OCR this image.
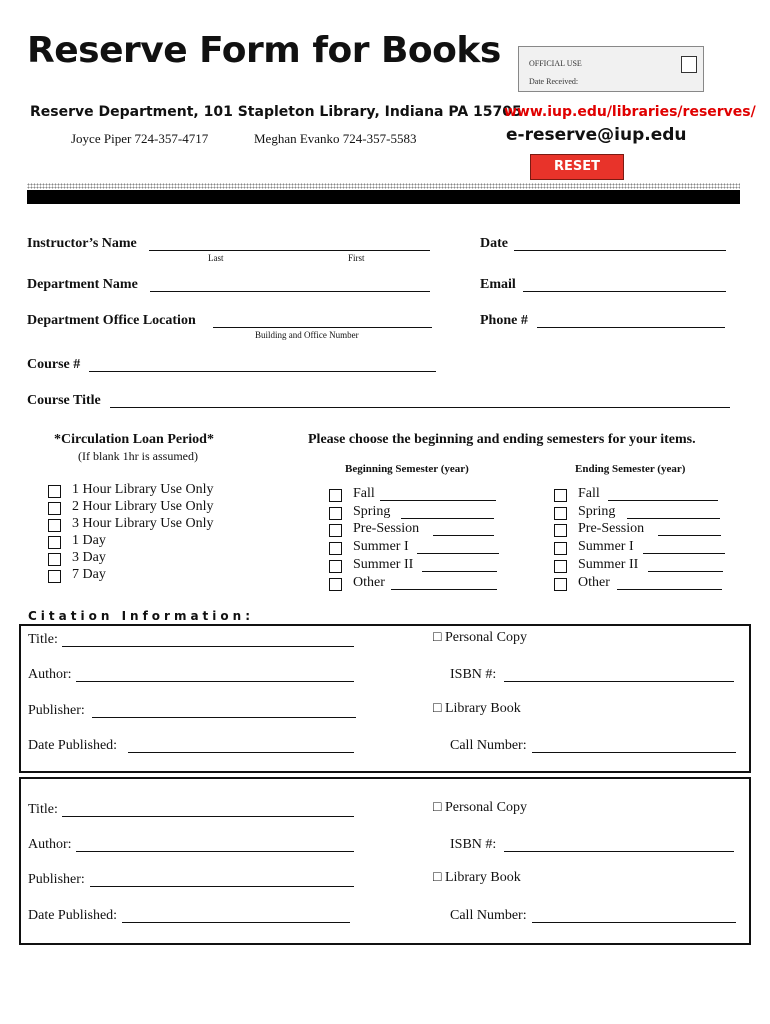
Reserve Form for Books	OFFICIAL USE
Date Received:
Reserve Department, 101 Stapleton Library, Indiana PA 15705
Joyce Piper 724-357-4717	Meghan Evanko 724-357-5583
www.iup.edu/libraries/reserves/
e-reserve@iup.edu
RESET
Instructor’s Name
Last	First
Date
Department Name	Email
Department Office Location
Building and Office Number
Phone #
Course #
Course Title
*Circulation Loan Period*
(If blank 1hr is assumed)
1 Hour Library Use Only
2 Hour Library Use Only
3 Hour Library Use Only
1 Day
3 Day
7 Day
Please choose the beginning and ending semesters for your items.
Beginning Semester (year)	Ending Semester (year)
Fall
Spring
Pre-Session
Summer I
Summer II
Other
Fall
Spring
Pre-Session
Summer I
Summer II
Other
Citation Information:
Title:	□ Personal Copy
Author:	ISBN #:
Publisher:	□ Library Book
Date Published:	Call Number:
Title:	□ Personal Copy
Author:	ISBN #:
Publisher:	□ Library Book
Date Published:	Call Number:
